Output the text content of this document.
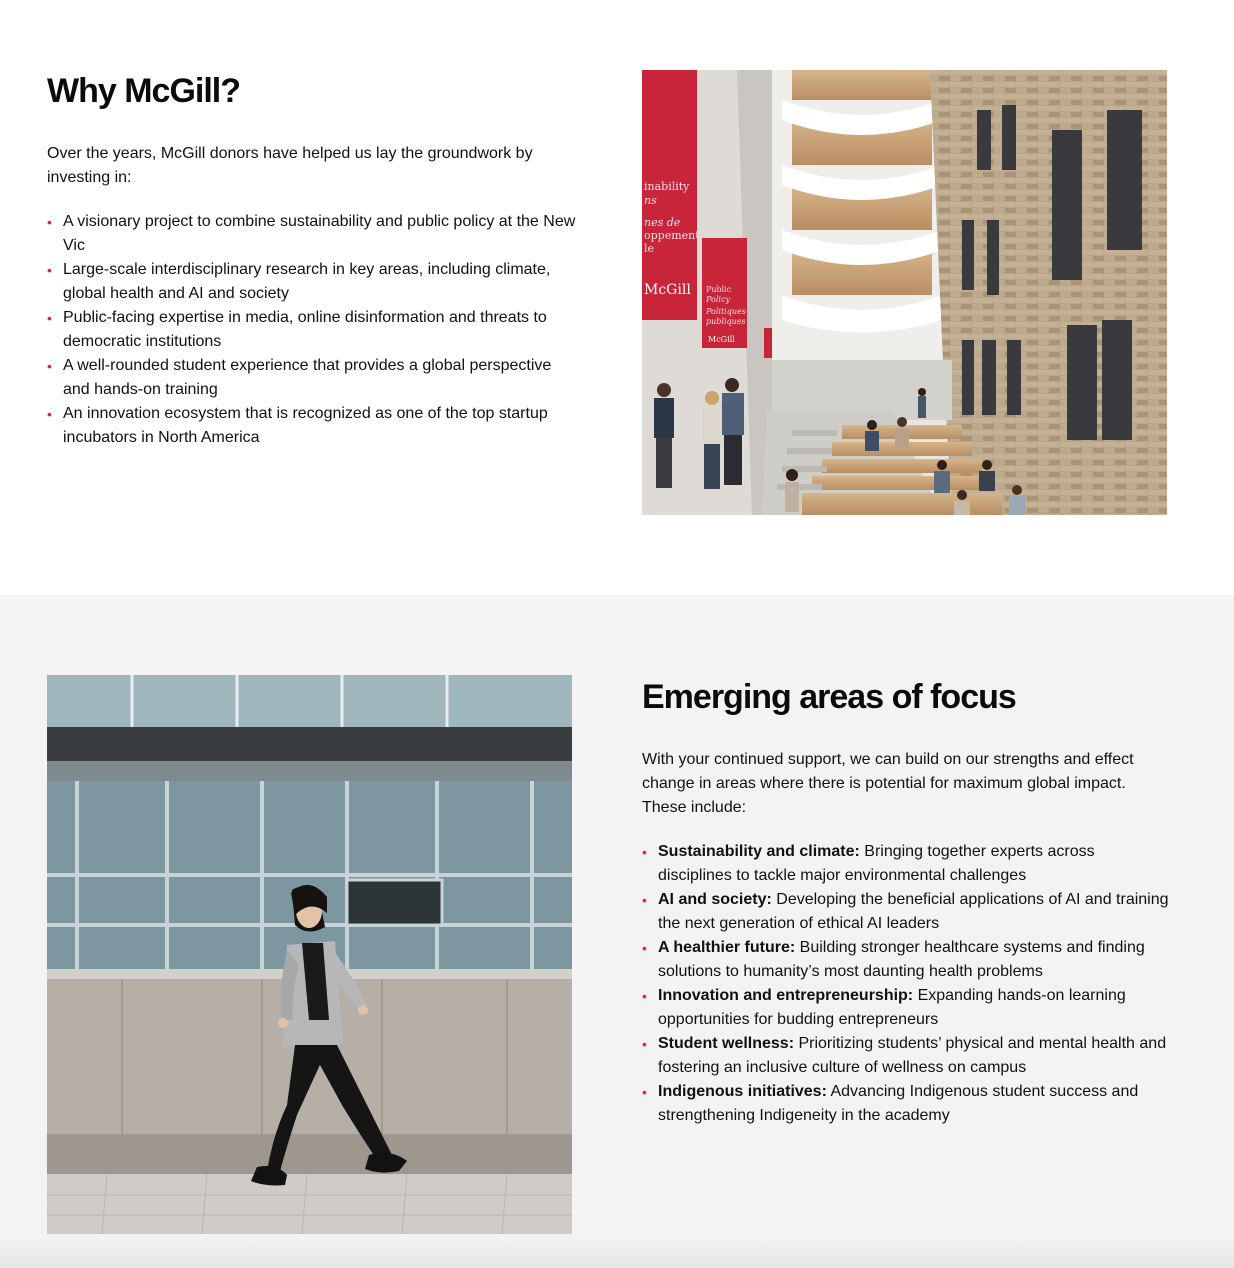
Why McGill?

Over the years, McGill donors have helped us lay the groundwork by investing in:

• A visionary project to combine sustainability and public policy at the New Vic
• Large-scale interdisciplinary research in key areas, including climate, global health and AI and society
• Public-facing expertise in media, online disinformation and threats to democratic institutions
• A well-rounded student experience that provides a global perspective and hands-on training
• An innovation ecosystem that is recognized as one of the top startup incubators in North America
inability
ns
nes de
oppement
le
McGill Public
Policy
Politiques
publiques
McGill
Emerging areas of focus

With your continued support, we can build on our strengths and effect change in areas where there is potential for maximum global impact. These include:

• Sustainability and climate: Bringing together experts across disciplines to tackle major environmental challenges
• AI and society: Developing the beneficial applications of AI and training the next generation of ethical AI leaders
• A healthier future: Building stronger healthcare systems and finding solutions to humanity’s most daunting health problems
• Innovation and entrepreneurship: Expanding hands-on learning opportunities for budding entrepreneurs
• Student wellness: Prioritizing students’ physical and mental health and fostering an inclusive culture of wellness on campus
• Indigenous initiatives: Advancing Indigenous student success and strengthening Indigeneity in the academy
